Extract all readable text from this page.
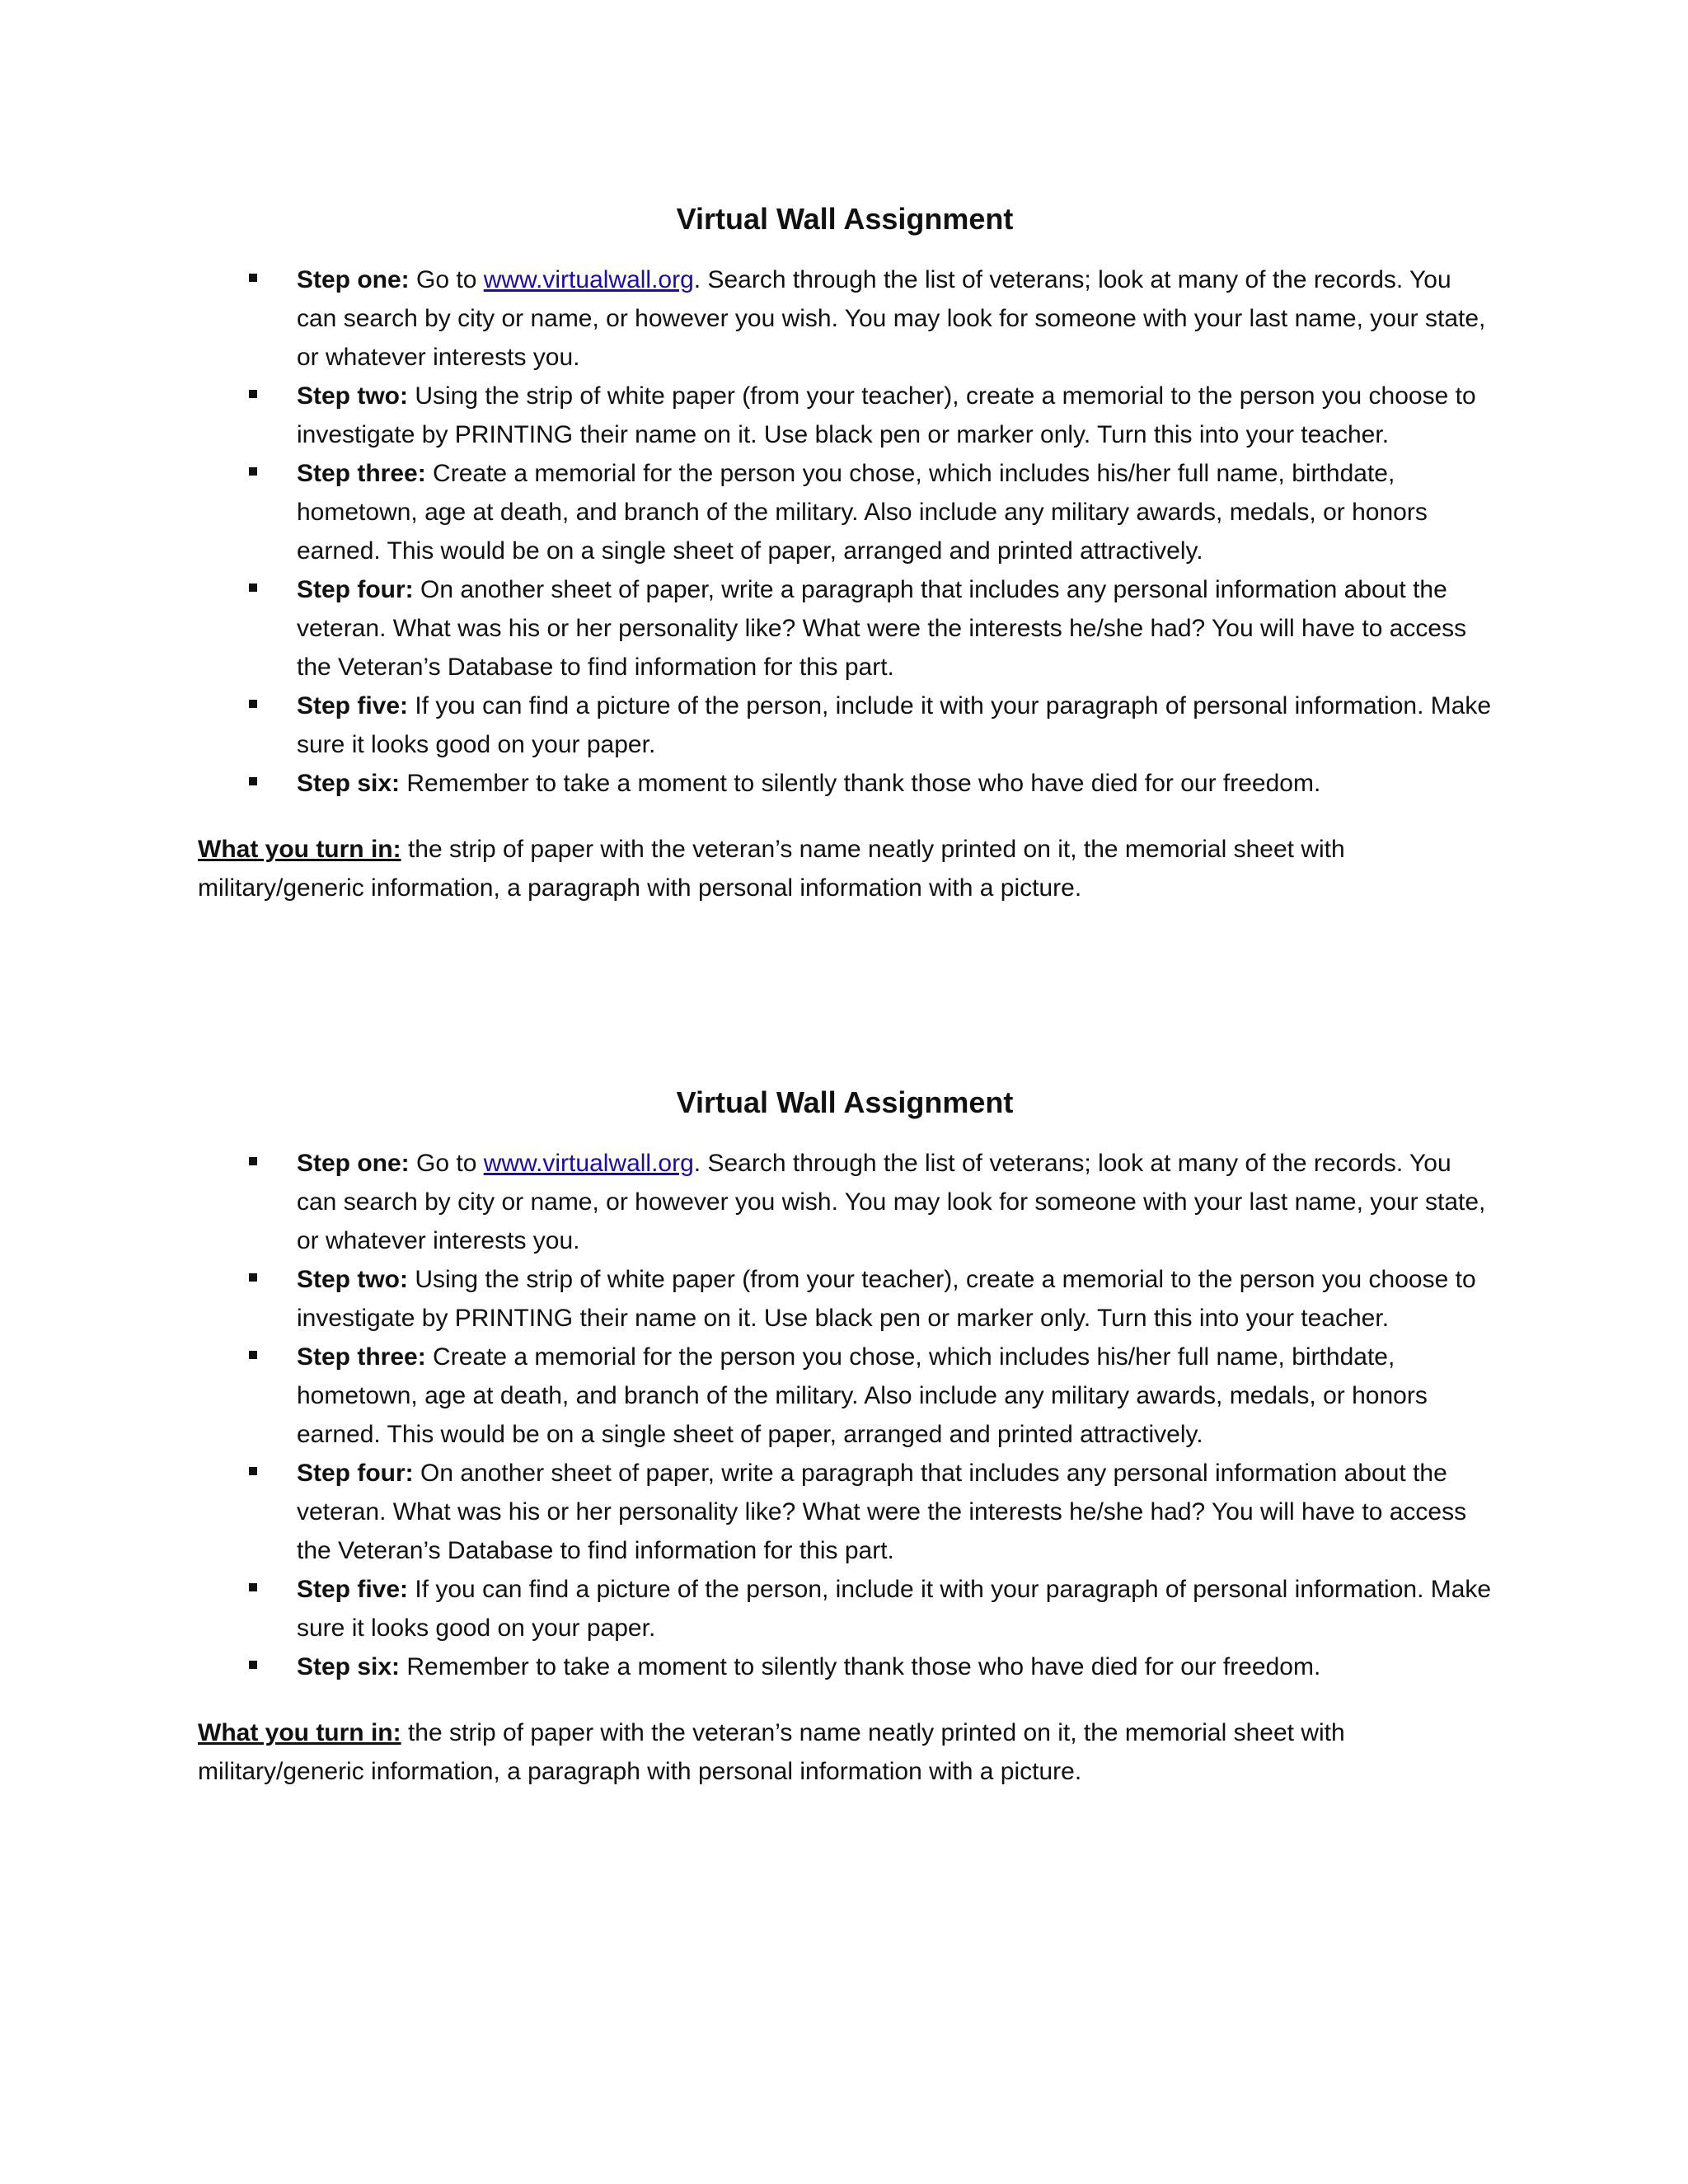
Virtual Wall Assignment
Step one: Go to www.virtualwall.org. Search through the list of veterans; look at many of the records. You can search by city or name, or however you wish. You may look for someone with your last name, your state, or whatever interests you.
Step two: Using the strip of white paper (from your teacher), create a memorial to the person you choose to investigate by PRINTING their name on it. Use black pen or marker only. Turn this into your teacher.
Step three: Create a memorial for the person you chose, which includes his/her full name, birthdate, hometown, age at death, and branch of the military. Also include any military awards, medals, or honors earned. This would be on a single sheet of paper, arranged and printed attractively.
Step four: On another sheet of paper, write a paragraph that includes any personal information about the veteran. What was his or her personality like? What were the interests he/she had? You will have to access the Veteran’s Database to find information for this part.
Step five: If you can find a picture of the person, include it with your paragraph of personal information. Make sure it looks good on your paper.
Step six: Remember to take a moment to silently thank those who have died for our freedom.
What you turn in: the strip of paper with the veteran’s name neatly printed on it, the memorial sheet with military/generic information, a paragraph with personal information with a picture.
Virtual Wall Assignment
Step one: Go to www.virtualwall.org. Search through the list of veterans; look at many of the records. You can search by city or name, or however you wish. You may look for someone with your last name, your state, or whatever interests you.
Step two: Using the strip of white paper (from your teacher), create a memorial to the person you choose to investigate by PRINTING their name on it. Use black pen or marker only. Turn this into your teacher.
Step three: Create a memorial for the person you chose, which includes his/her full name, birthdate, hometown, age at death, and branch of the military. Also include any military awards, medals, or honors earned. This would be on a single sheet of paper, arranged and printed attractively.
Step four: On another sheet of paper, write a paragraph that includes any personal information about the veteran. What was his or her personality like? What were the interests he/she had? You will have to access the Veteran’s Database to find information for this part.
Step five: If you can find a picture of the person, include it with your paragraph of personal information. Make sure it looks good on your paper.
Step six: Remember to take a moment to silently thank those who have died for our freedom.
What you turn in: the strip of paper with the veteran’s name neatly printed on it, the memorial sheet with military/generic information, a paragraph with personal information with a picture.
